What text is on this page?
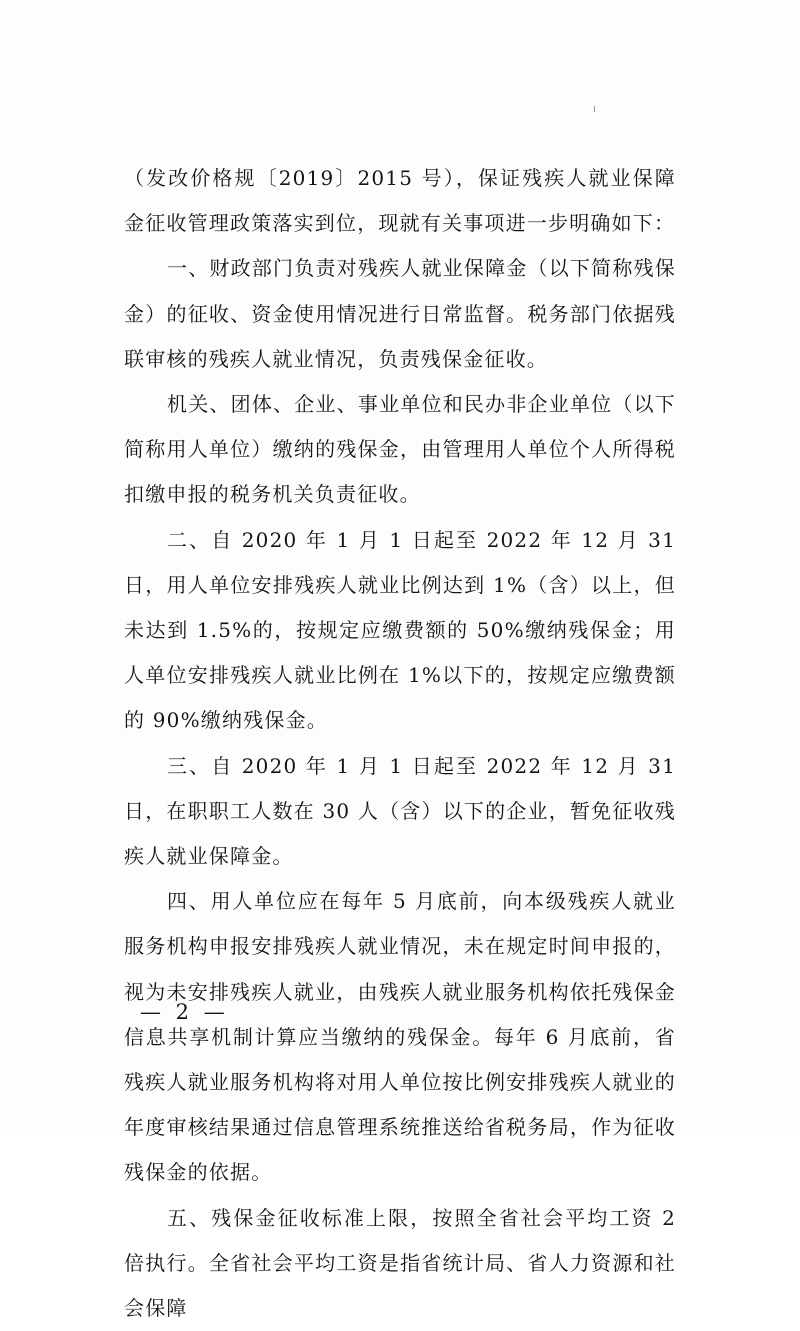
（发改价格规〔2019〕2015 号），保证残疾人就业保障金征收管理政策落实到位，现就有关事项进一步明确如下：

一、财政部门负责对残疾人就业保障金（以下简称残保金）的征收、资金使用情况进行日常监督。税务部门依据残联审核的残疾人就业情况，负责残保金征收。

机关、团体、企业、事业单位和民办非企业单位（以下简称用人单位）缴纳的残保金，由管理用人单位个人所得税扣缴申报的税务机关负责征收。

二、自 2020 年 1 月 1 日起至 2022 年 12 月 31 日，用人单位安排残疾人就业比例达到 1%（含）以上，但未达到 1.5%的，按规定应缴费额的 50%缴纳残保金；用人单位安排残疾人就业比例在 1%以下的，按规定应缴费额的 90%缴纳残保金。

三、自 2020 年 1 月 1 日起至 2022 年 12 月 31 日，在职职工人数在 30 人（含）以下的企业，暂免征收残疾人就业保障金。

四、用人单位应在每年 5 月底前，向本级残疾人就业服务机构申报安排残疾人就业情况，未在规定时间申报的，视为未安排残疾人就业，由残疾人就业服务机构依托残保金信息共享机制计算应当缴纳的残保金。每年 6 月底前，省残疾人就业服务机构将对用人单位按比例安排残疾人就业的年度审核结果通过信息管理系统推送给省税务局，作为征收残保金的依据。

五、残保金征收标准上限，按照全省社会平均工资 2 倍执行。全省社会平均工资是指省统计局、省人力资源和社会保障

— 2 —
